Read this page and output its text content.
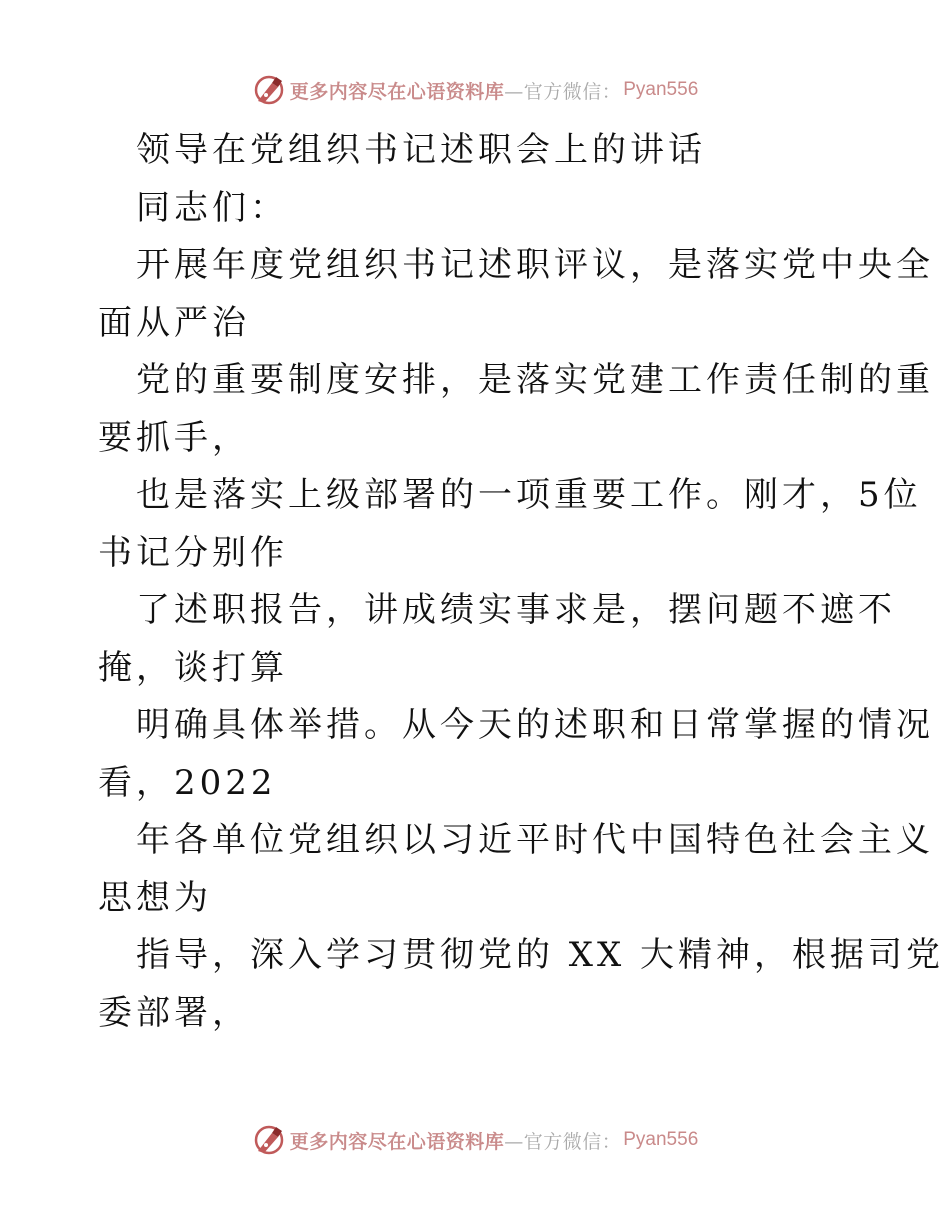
更多内容尽在心语资料库 —官方微信： Pyan556
领导在党组织书记述职会上的讲话
同志们：
开展年度党组织书记述职评议，是落实党中央全
面从严治
党的重要制度安排，是落实党建工作责任制的重
要抓手，
也是落实上级部署的一项重要工作。刚才，5位
书记分别作
了述职报告，讲成绩实事求是，摆问题不遮不
掩，谈打算
明确具体举措。从今天的述职和日常掌握的情况
看，2022
年各单位党组织以习近平时代中国特色社会主义
思想为
指导，深入学习贯彻党的 XX 大精神，根据司党
委部署，
更多内容尽在心语资料库 —官方微信： Pyan556
